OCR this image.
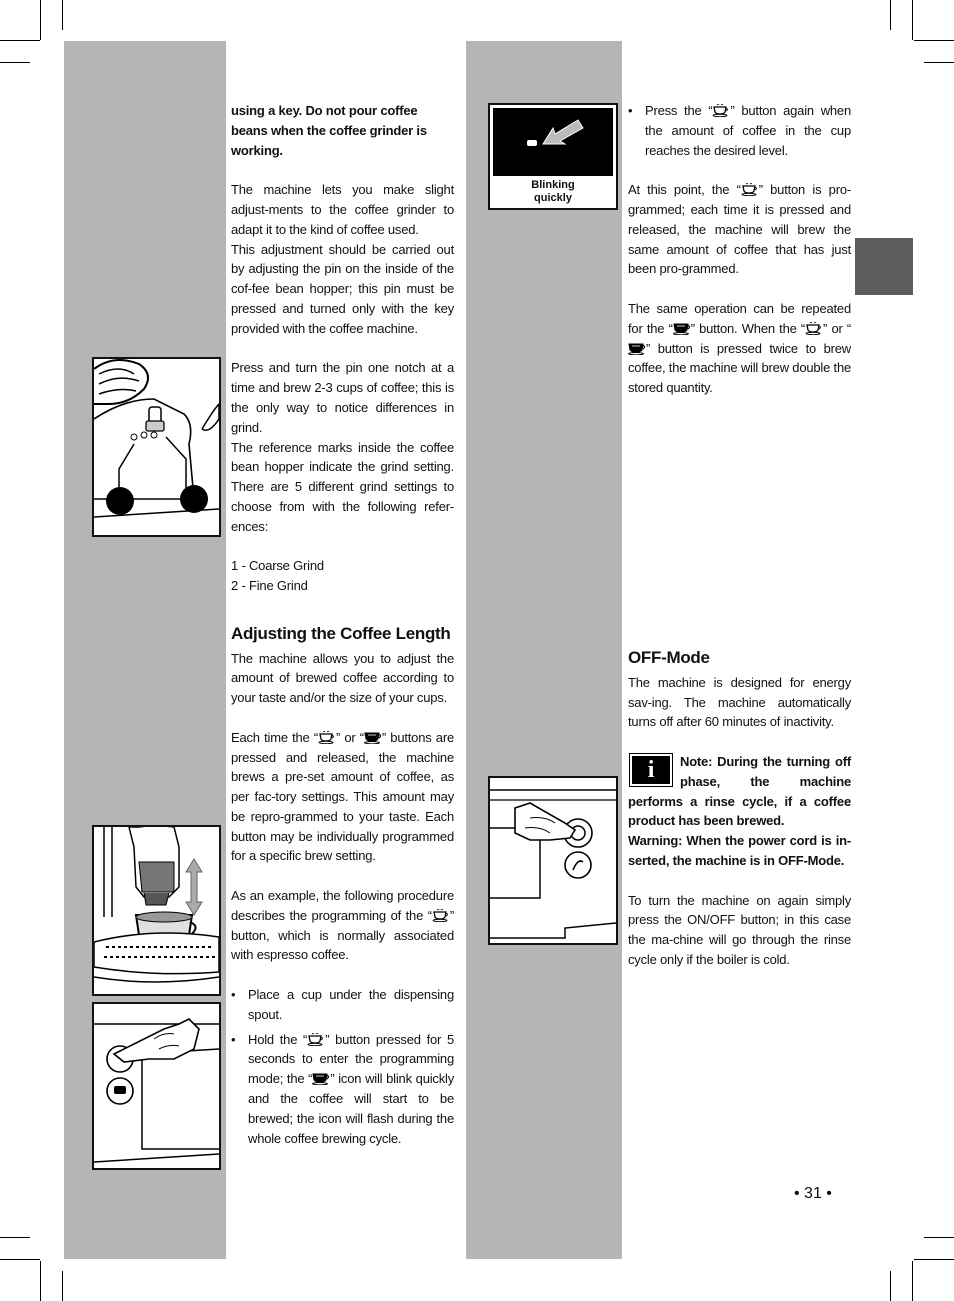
using a key. Do not pour coffee beans when the coffee grinder is working.

The machine lets you make slight adjust-ments to the coffee grinder to adapt it to the kind of coffee used.

This adjustment should be carried out by adjusting the pin on the inside of the cof-fee bean hopper; this pin must be pressed and turned only with the key provided with the coffee machine.

Press and turn the pin one notch at a time and brew 2-3 cups of coffee; this is the only way to notice differences in grind.

The reference marks inside the coffee bean hopper indicate the grind setting. There are 5 different grind settings to choose from with the following refer-ences:

1 - Coarse Grind

2 - Fine Grind

Adjusting the Coffee Length

The machine allows you to adjust the amount of brewed coffee according to your taste and/or the size of your cups.

Each time the “ ” or “ ” buttons are pressed and released, the machine brews a pre-set amount of coffee, as per fac-tory settings. This amount may be repro-grammed to your taste. Each button may be individually programmed for a specific brew setting.

As an example, the following procedure describes the programming of the “ ” button, which is normally associated with espresso coffee.

• Place a cup under the dispensing spout.
• Hold the “ ” button pressed for 5 seconds to enter the programming mode; the “ ” icon will blink quickly and the coffee will start to be brewed; the icon will flash during the whole coffee brewing cycle.
• Press the “ ” button again when the amount of coffee in the cup reaches the desired level.

At this point, the “ ” button is pro-grammed; each time it is pressed and released, the machine will brew the same amount of coffee that has just been pro-grammed.

The same operation can be repeated for the “ ” button. When the “ ” or “” button is pressed twice to brew coffee, the machine will brew double the stored quantity.

OFF-Mode

The machine is designed for energy sav-ing. The machine automatically turns off after 60 minutes of inactivity.

i	Note: During the turning off phase, the machine performs a rinse cycle, if a coffee product has been brewed.

Warning: When the power cord is in-serted, the machine is in OFF-Mode.

To turn the machine on again simply press the ON/OFF button; in this case the ma-chine will go through the rinse cycle only if the boiler is cold.

• 31 •
Blinking quickly
